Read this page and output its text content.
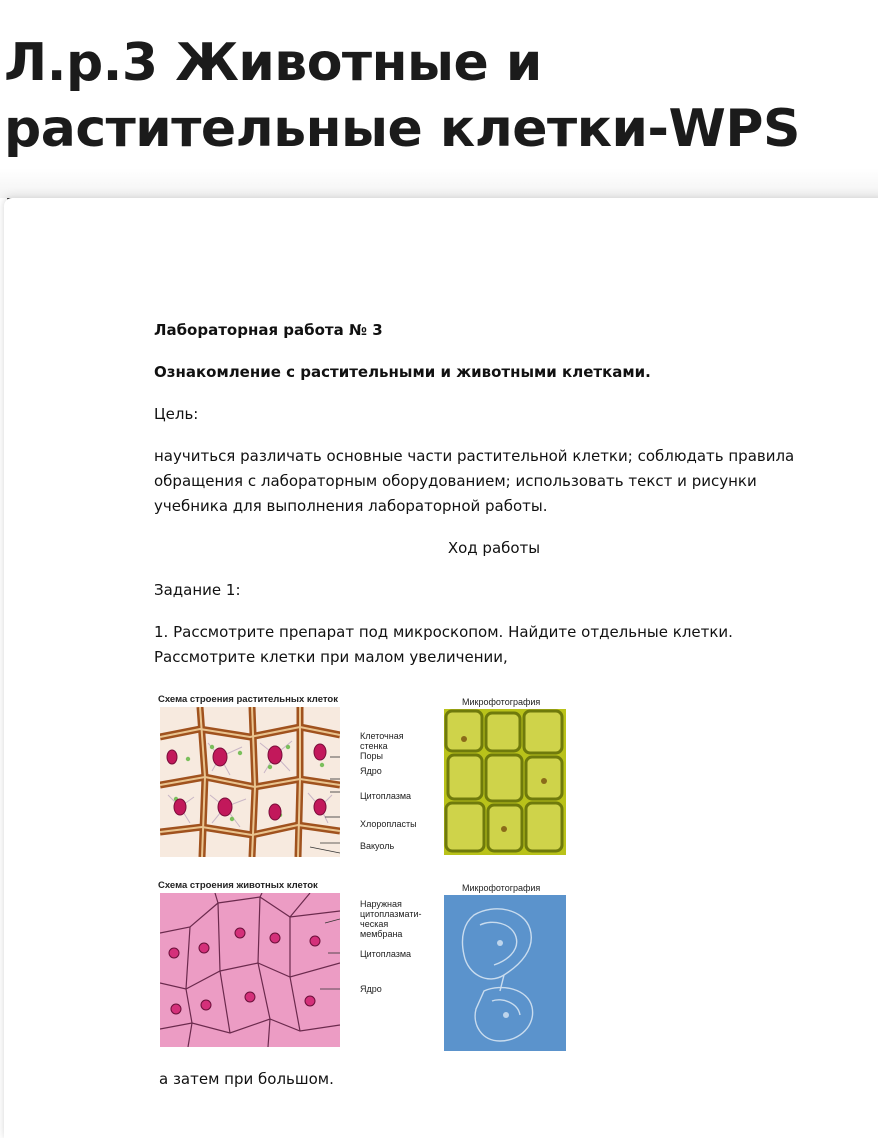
Л.р.3 Животные и растительные клетки-WPS

Лабораторная работа № 3

Ознакомление с растительными и животными клетками.

Цель:

научиться различать основные части растительной клетки; соблюдать правила обращения с лабораторным оборудованием; использовать текст и рисунки учебника для выполнения лабораторной работы.

Ход работы

Задание 1:

1. Рассмотрите препарат под микроскопом. Найдите отдельные клетки. Рассмотрите клетки при малом увеличении,

Схема строения растительных клеток
Клеточная стенка
Поры
Ядро
Цитоплазма
Хлоропласты
Вакуоль
Микрофотография
Схема строения животных клеток
Наружная цитоплазмати-ческая мембрана
Цитоплазма
Ядро
Микрофотография

а затем при большом.
